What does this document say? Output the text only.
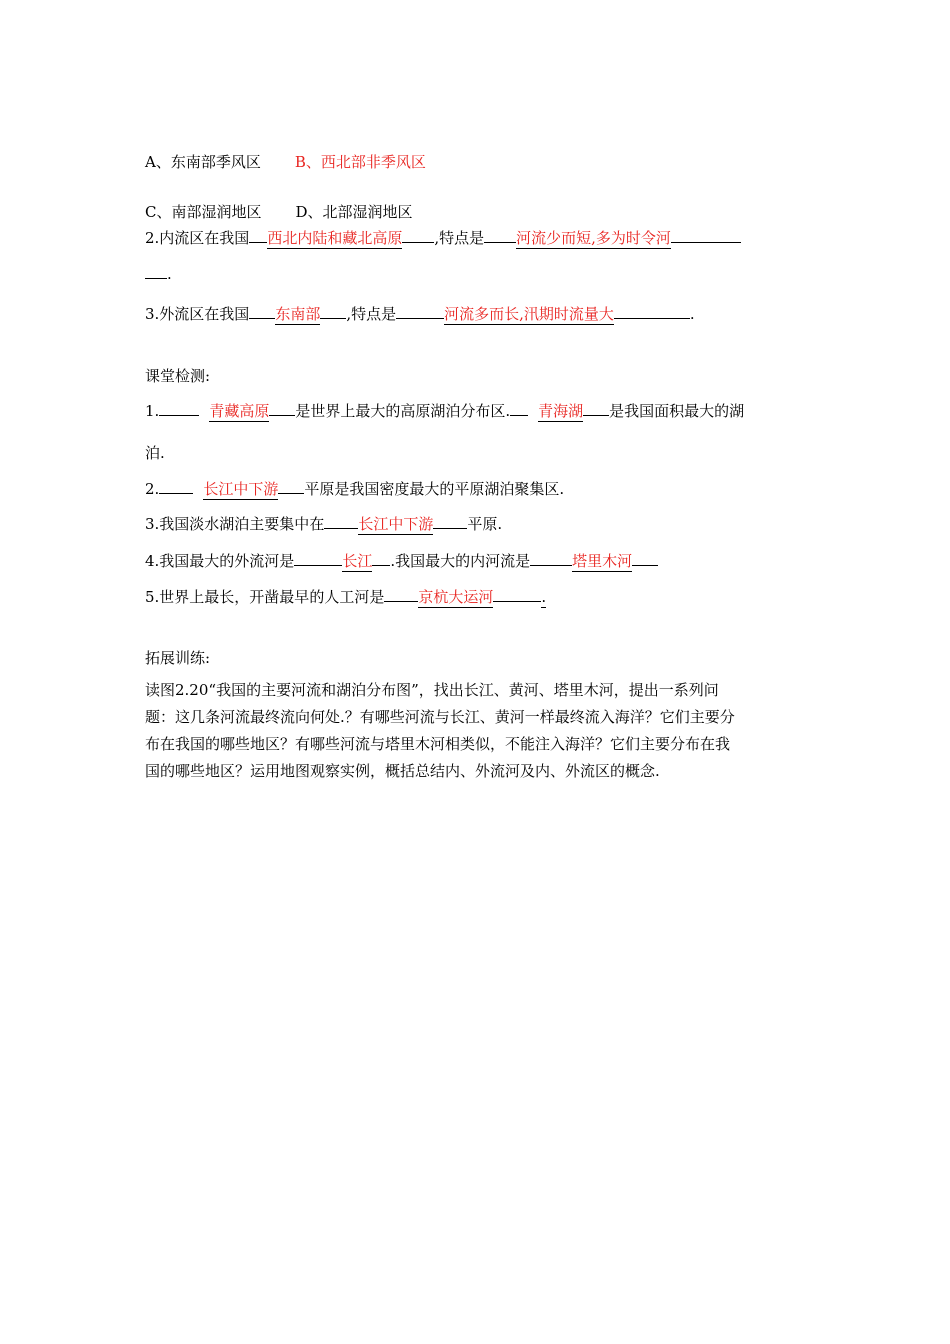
A、东南部季风区 B、西北部非季风区
C、南部湿润地区 D、北部湿润地区
2.内流区在我国 西北内陆和藏北高原 ,特点是 河流少而短,多为时令河
.
3.外流区在我国 东南部 ,特点是	河流多而长,汛期时流量大	.
课堂检测:
1.	青藏高原 是世界上最大的高原湖泊分布区. 青海湖 是我国面积最大的湖
泊.
2.	长江中下游 平原是我国密度最大的平原湖泊聚集区.
3.我国淡水湖泊主要集中在 长江中下游 平原.
4.我国最大的外流河是	长江 .我国最大的内河流是	塔里木河
5.世界上最长，开凿最早的人工河是 京杭大运河	.
拓展训练:
读图2.20“我国的主要河流和湖泊分布图”，找出长江、黄河、塔里木河，提出一系列问
题：这几条河流最终流向何处.？有哪些河流与长江、黄河一样最终流入海洋？它们主要分
布在我国的哪些地区？有哪些河流与塔里木河相类似，不能注入海洋？它们主要分布在我
国的哪些地区？运用地图观察实例，概括总结内、外流河及内、外流区的概念.
